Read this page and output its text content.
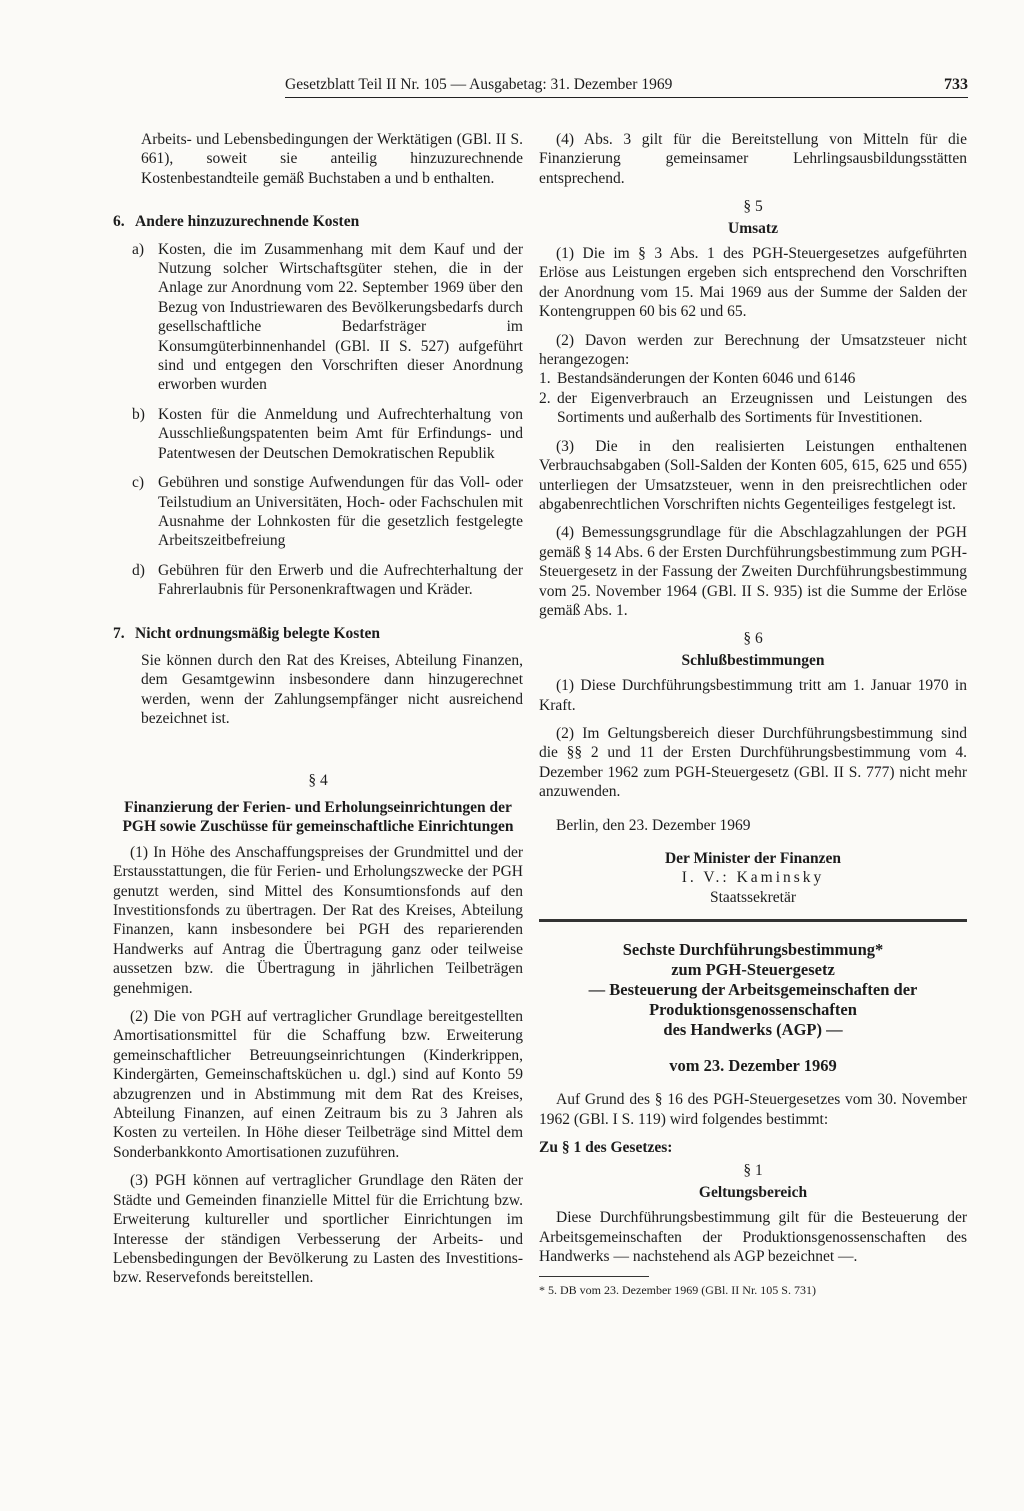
Gesetzblatt Teil II Nr. 105 — Ausgabetag: 31. Dezember 1969	733

Arbeits- und Lebensbedingungen der Werktätigen (GBl. II S. 661), soweit sie anteilig hinzuzurechnende Kostenbestandteile gemäß Buchstaben a und b enthalten.

6. Andere hinzuzurechnende Kosten
a) Kosten, die im Zusammenhang mit dem Kauf und der Nutzung solcher Wirtschaftsgüter stehen, die in der Anlage zur Anordnung vom 22. September 1969 über den Bezug von Industriewaren des Bevölkerungsbedarfs durch gesellschaftliche Bedarfsträger im Konsumgüterbinnenhandel (GBl. II S. 527) aufgeführt sind und entgegen den Vorschriften dieser Anordnung erworben wurden
b) Kosten für die Anmeldung und Aufrechterhaltung von Ausschließungspatenten beim Amt für Erfindungs- und Patentwesen der Deutschen Demokratischen Republik
c) Gebühren und sonstige Aufwendungen für das Voll- oder Teilstudium an Universitäten, Hoch- oder Fachschulen mit Ausnahme der Lohnkosten für die gesetzlich festgelegte Arbeitszeitbefreiung
d) Gebühren für den Erwerb und die Aufrechterhaltung der Fahrerlaubnis für Personenkraftwagen und Kräder.
7. Nicht ordnungsmäßig belegte Kosten

Sie können durch den Rat des Kreises, Abteilung Finanzen, dem Gesamtgewinn insbesondere dann hinzugerechnet werden, wenn der Zahlungsempfänger nicht ausreichend bezeichnet ist.

§ 4
Finanzierung der Ferien- und Erholungseinrichtungen der PGH sowie Zuschüsse für gemeinschaftliche Einrichtungen

(1) In Höhe des Anschaffungspreises der Grundmittel und der Erstausstattungen, die für Ferien- und Erholungszwecke der PGH genutzt werden, sind Mittel des Konsumtionsfonds auf den Investitionsfonds zu übertragen. Der Rat des Kreises, Abteilung Finanzen, kann insbesondere bei PGH des reparierenden Handwerks auf Antrag die Übertragung ganz oder teilweise aussetzen bzw. die Übertragung in jährlichen Teilbeträgen genehmigen.

(2) Die von PGH auf vertraglicher Grundlage bereitgestellten Amortisationsmittel für die Schaffung bzw. Erweiterung gemeinschaftlicher Betreuungseinrichtungen (Kinderkrippen, Kindergärten, Gemeinschaftsküchen u. dgl.) sind auf Konto 59 abzugrenzen und in Abstimmung mit dem Rat des Kreises, Abteilung Finanzen, auf einen Zeitraum bis zu 3 Jahren als Kosten zu verteilen. In Höhe dieser Teilbeträge sind Mittel dem Sonderbankkonto Amortisationen zuzuführen.

(3) PGH können auf vertraglicher Grundlage den Räten der Städte und Gemeinden finanzielle Mittel für die Errichtung bzw. Erweiterung kultureller und sportlicher Einrichtungen im Interesse der ständigen Verbesserung der Arbeits- und Lebensbedingungen der Bevölkerung zu Lasten des Investitions- bzw. Reservefonds bereitstellen.

(4) Abs. 3 gilt für die Bereitstellung von Mitteln für die Finanzierung gemeinsamer Lehrlingsausbildungsstätten entsprechend.

§ 5
Umsatz

(1) Die im § 3 Abs. 1 des PGH-Steuergesetzes aufgeführten Erlöse aus Leistungen ergeben sich entsprechend den Vorschriften der Anordnung vom 15. Mai 1969 aus der Summe der Salden der Kontengruppen 60 bis 62 und 65.

(2) Davon werden zur Berechnung der Umsatzsteuer nicht herangezogen:

1. Bestandsänderungen der Konten 6046 und 6146
2. der Eigenverbrauch an Erzeugnissen und Leistungen des Sortiments und außerhalb des Sortiments für Investitionen.

(3) Die in den realisierten Leistungen enthaltenen Verbrauchsabgaben (Soll-Salden der Konten 605, 615, 625 und 655) unterliegen der Umsatzsteuer, wenn in den preisrechtlichen oder abgabenrechtlichen Vorschriften nichts Gegenteiliges festgelegt ist.

(4) Bemessungsgrundlage für die Abschlagzahlungen der PGH gemäß § 14 Abs. 6 der Ersten Durchführungsbestimmung zum PGH-Steuergesetz in der Fassung der Zweiten Durchführungsbestimmung vom 25. November 1964 (GBl. II S. 935) ist die Summe der Erlöse gemäß Abs. 1.

§ 6
Schlußbestimmungen

(1) Diese Durchführungsbestimmung tritt am 1. Januar 1970 in Kraft.

(2) Im Geltungsbereich dieser Durchführungsbestimmung sind die §§ 2 und 11 der Ersten Durchführungsbestimmung vom 4. Dezember 1962 zum PGH-Steuergesetz (GBl. II S. 777) nicht mehr anzuwenden.

Berlin, den 23. Dezember 1969

Der Minister der Finanzen
I. V.: Kaminsky
Staatssekretär
Sechste Durchführungsbestimmung*
zum PGH-Steuergesetz
— Besteuerung der Arbeitsgemeinschaften der
Produktionsgenossenschaften
des Handwerks (AGP) —
vom 23. Dezember 1969

Auf Grund des § 16 des PGH-Steuergesetzes vom 30. November 1962 (GBl. I S. 119) wird folgendes bestimmt:

Zu § 1 des Gesetzes:
§ 1
Geltungsbereich

Diese Durchführungsbestimmung gilt für die Besteuerung der Arbeitsgemeinschaften der Produktionsgenossenschaften des Handwerks — nachstehend als AGP bezeichnet —.

* 5. DB vom 23. Dezember 1969 (GBl. II Nr. 105 S. 731)
